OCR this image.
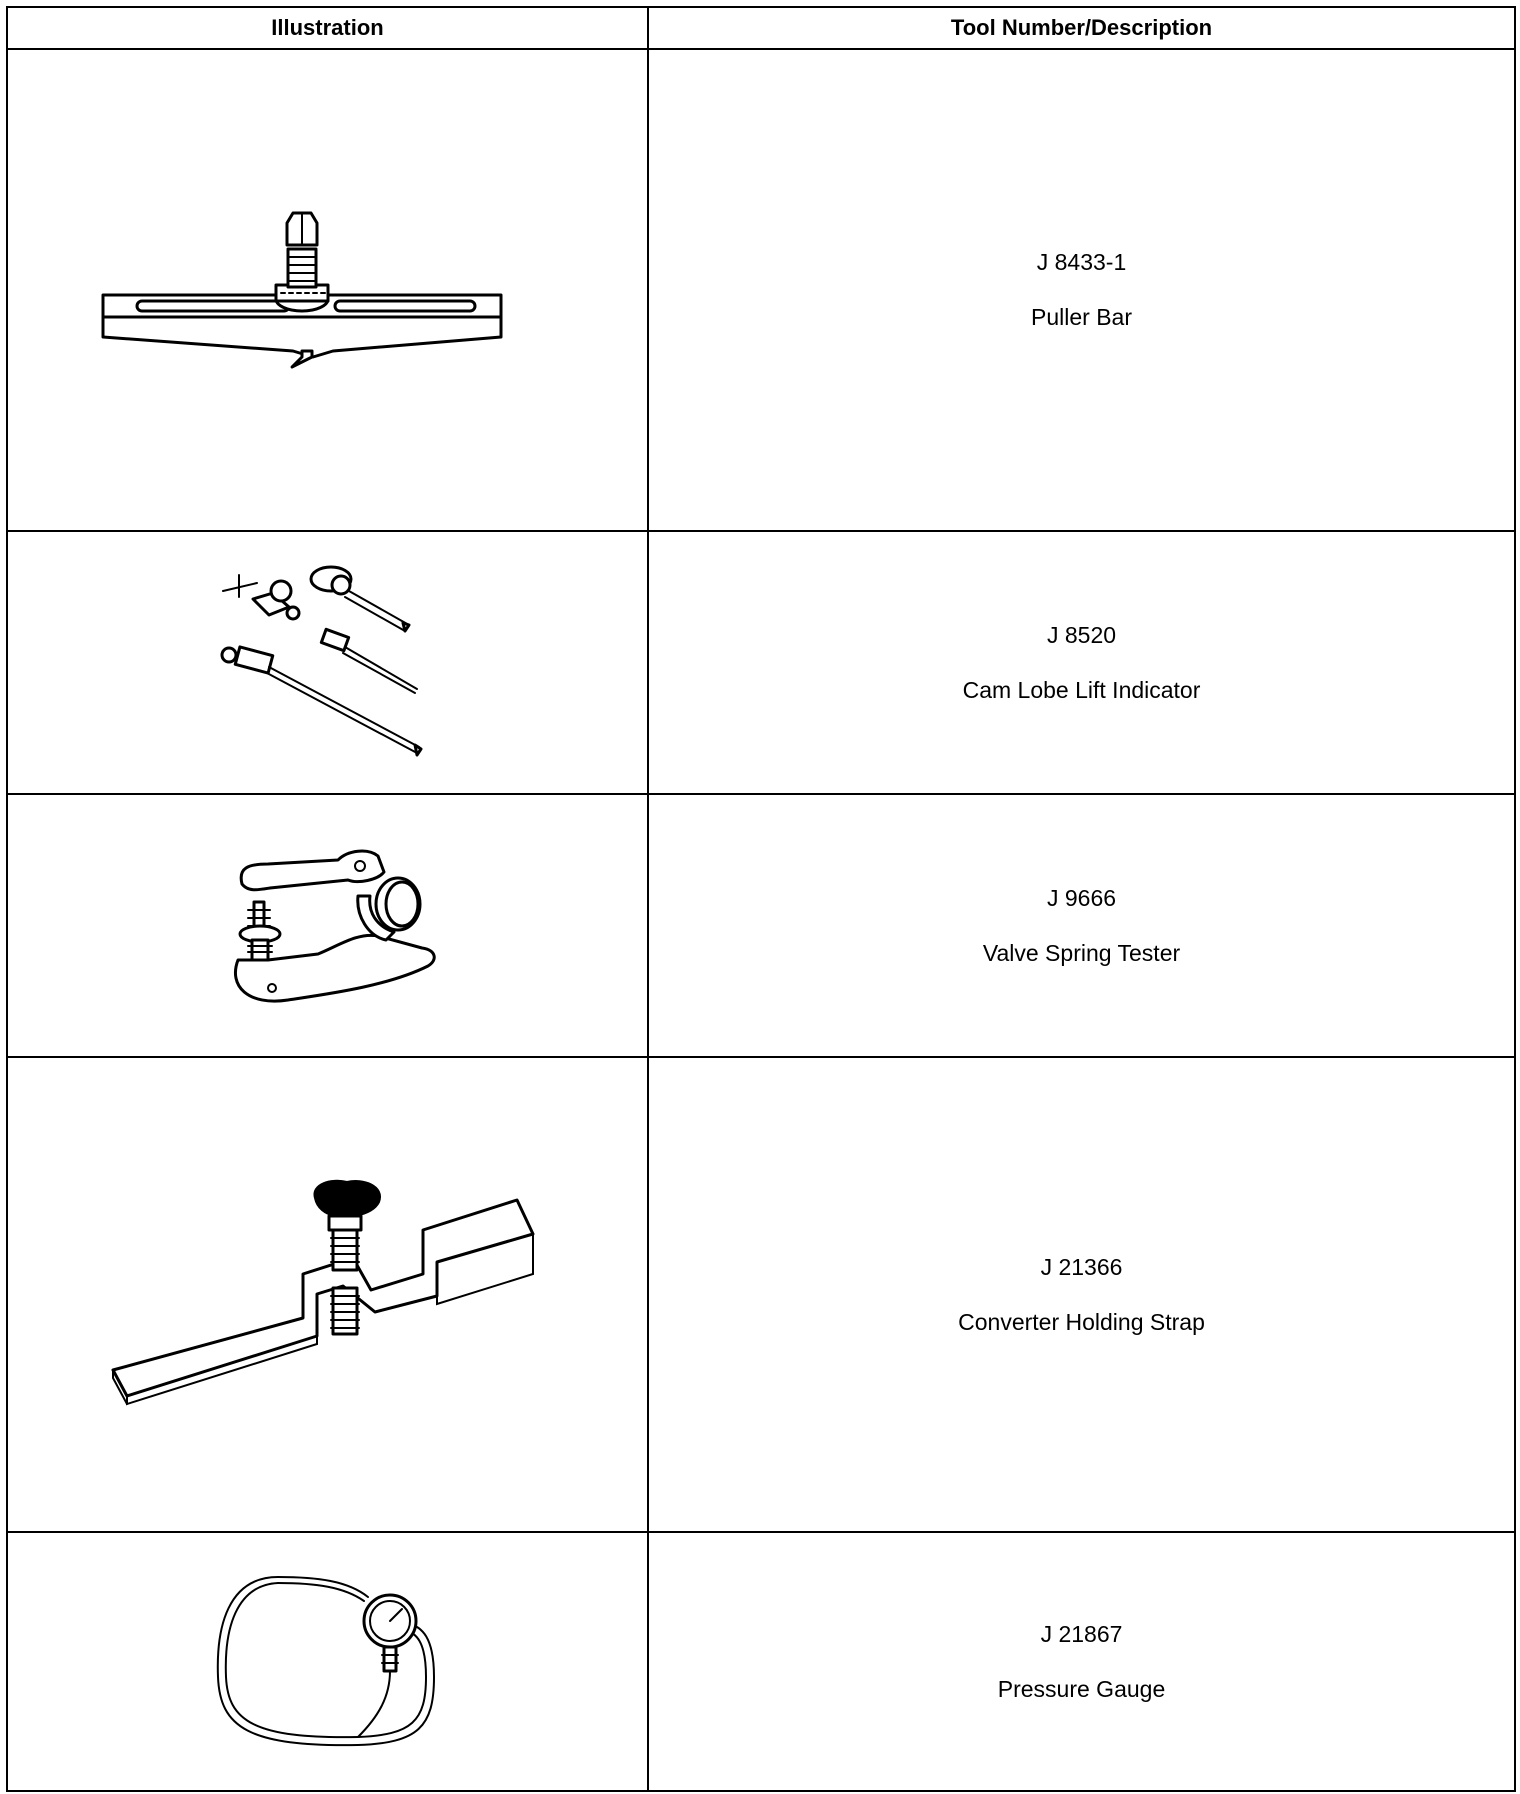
Illustration	Tool Number/Description

J 8433-1
Puller Bar

J 8520
Cam Lobe Lift Indicator

J 9666
Valve Spring Tester

J 21366
Converter Holding Strap

J 21867
Pressure Gauge
